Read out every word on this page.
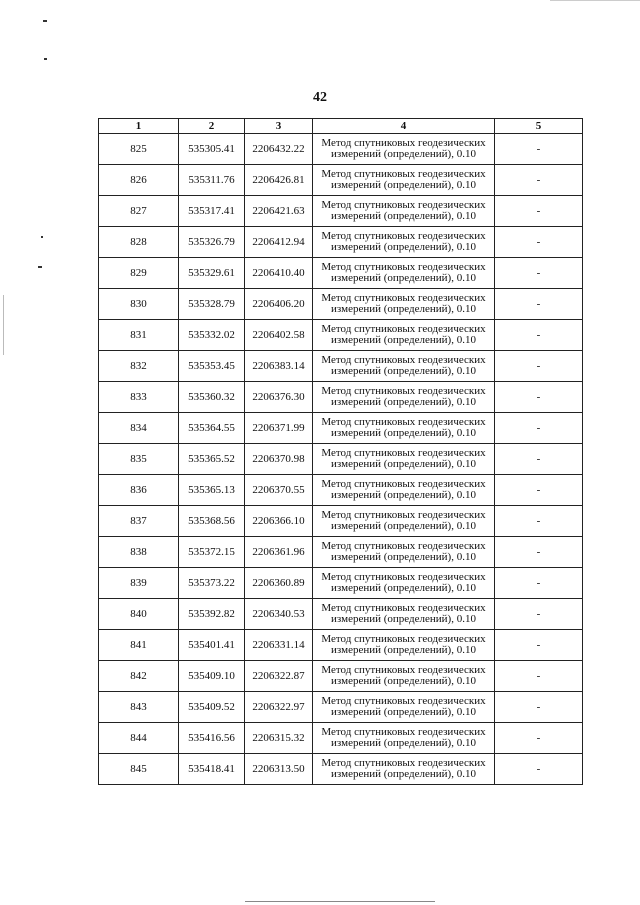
42
1	2	3	4	5
825	535305.41	2206432.22	Метод спутниковых геодезических измерений (определений), 0.10	-
826	535311.76	2206426.81	Метод спутниковых геодезических измерений (определений), 0.10	-
827	535317.41	2206421.63	Метод спутниковых геодезических измерений (определений), 0.10	-
828	535326.79	2206412.94	Метод спутниковых геодезических измерений (определений), 0.10	-
829	535329.61	2206410.40	Метод спутниковых геодезических измерений (определений), 0.10	-
830	535328.79	2206406.20	Метод спутниковых геодезических измерений (определений), 0.10	-
831	535332.02	2206402.58	Метод спутниковых геодезических измерений (определений), 0.10	-
832	535353.45	2206383.14	Метод спутниковых геодезических измерений (определений), 0.10	-
833	535360.32	2206376.30	Метод спутниковых геодезических измерений (определений), 0.10	-
834	535364.55	2206371.99	Метод спутниковых геодезических измерений (определений), 0.10	-
835	535365.52	2206370.98	Метод спутниковых геодезических измерений (определений), 0.10	-
836	535365.13	2206370.55	Метод спутниковых геодезических измерений (определений), 0.10	-
837	535368.56	2206366.10	Метод спутниковых геодезических измерений (определений), 0.10	-
838	535372.15	2206361.96	Метод спутниковых геодезических измерений (определений), 0.10	-
839	535373.22	2206360.89	Метод спутниковых геодезических измерений (определений), 0.10	-
840	535392.82	2206340.53	Метод спутниковых геодезических измерений (определений), 0.10	-
841	535401.41	2206331.14	Метод спутниковых геодезических измерений (определений), 0.10	-
842	535409.10	2206322.87	Метод спутниковых геодезических измерений (определений), 0.10	-
843	535409.52	2206322.97	Метод спутниковых геодезических измерений (определений), 0.10	-
844	535416.56	2206315.32	Метод спутниковых геодезических измерений (определений), 0.10	-
845	535418.41	2206313.50	Метод спутниковых геодезических измерений (определений), 0.10	-
